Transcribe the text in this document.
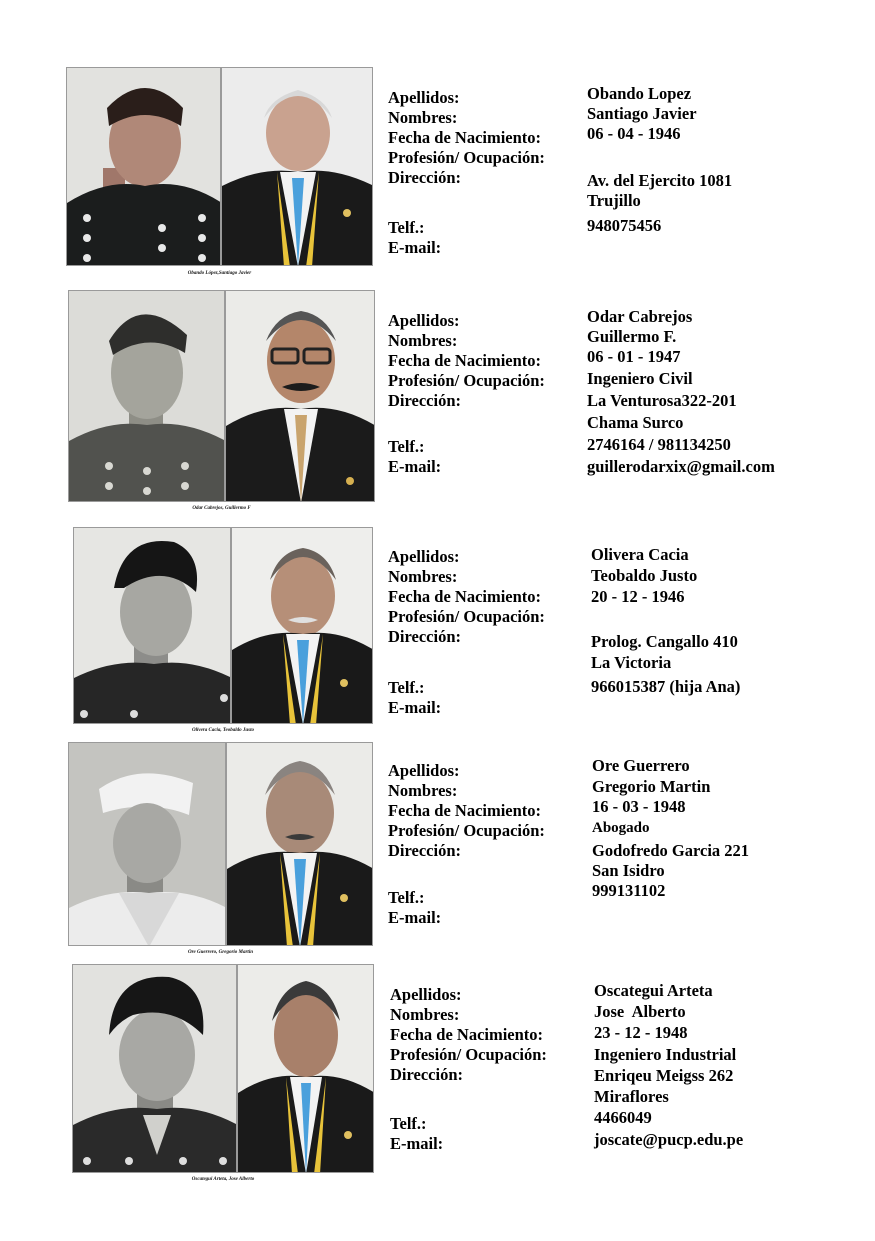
Obando López,Santiago Javier
Apellidos:
Nombres:
Fecha de Nacimiento:
Profesión/ Ocupación:
Dirección:
Telf.:
E-mail:
Obando Lopez
Santiago Javier
06 - 04 - 1946
Av. del Ejercito 1081
Trujillo
948075456
Odar Cabrejos, Guillermo F
Apellidos:
Nombres:
Fecha de Nacimiento:
Profesión/ Ocupación:
Dirección:
Telf.:
E-mail:
Odar Cabrejos
Guillermo F.
06 - 01 - 1947
Ingeniero Civil
La Venturosa322-201
Chama Surco
2746164 / 981134250
guillerodarxix@gmail.com
Olivera Cacia, Teobaldo Justo
Apellidos:
Nombres:
Fecha de Nacimiento:
Profesión/ Ocupación:
Dirección:
Telf.:
E-mail:
Olivera Cacia
Teobaldo Justo
20 - 12 - 1946
Prolog. Cangallo 410
La Victoria
966015387 (hija Ana)
Ore Guerrero, Gregorio Martin
Apellidos:
Nombres:
Fecha de Nacimiento:
Profesión/ Ocupación:
Dirección:
Telf.:
E-mail:
Ore Guerrero
Gregorio Martin
16 - 03 - 1948
Abogado
Godofredo Garcia 221
San Isidro
999131102
Oscategui Arteta, Jose Alberto
Apellidos:
Nombres:
Fecha de Nacimiento:
Profesión/ Ocupación:
Dirección:
Telf.:
E-mail:
Oscategui Arteta
Jose  Alberto
23 - 12 - 1948
Ingeniero Industrial
Enriqeu Meigss 262
Miraflores
4466049
joscate@pucp.edu.pe
